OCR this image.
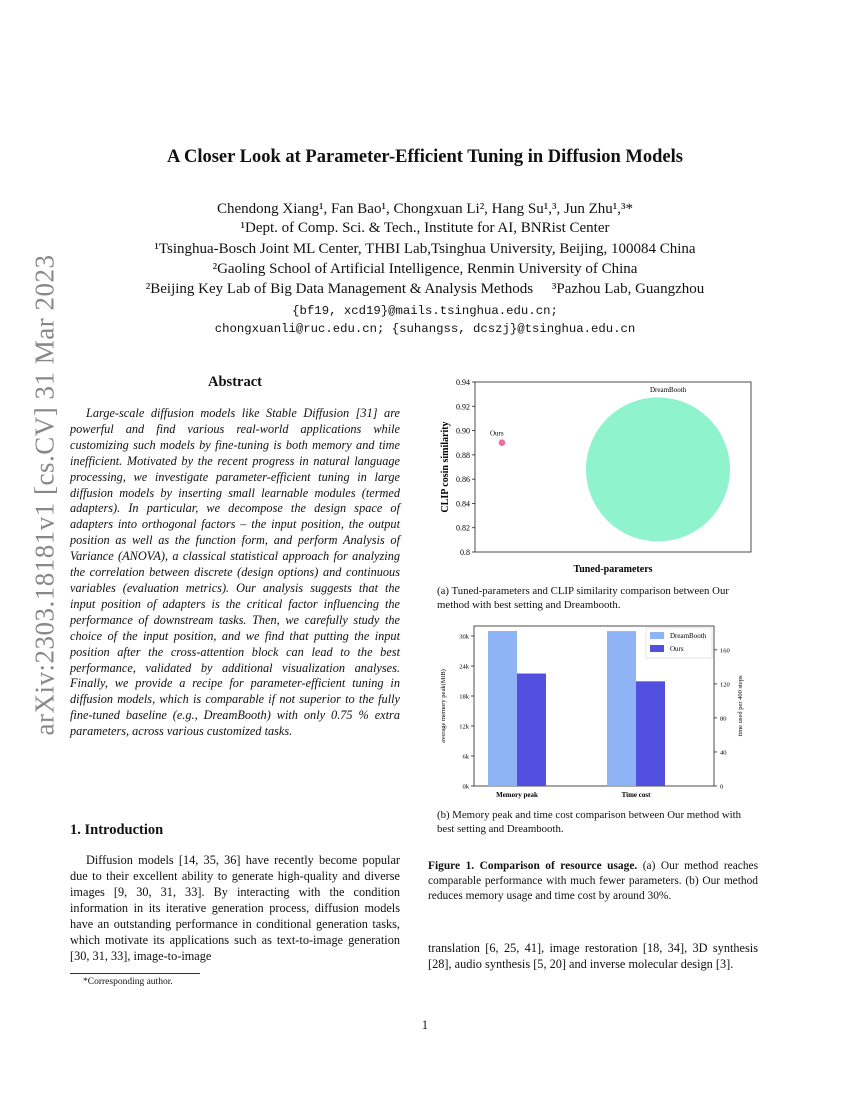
arXiv:2303.18181v1 [cs.CV] 31 Mar 2023
A Closer Look at Parameter-Efficient Tuning in Diffusion Models
Chendong Xiang¹, Fan Bao¹, Chongxuan Li², Hang Su¹,³, Jun Zhu¹,³*
¹Dept. of Comp. Sci. & Tech., Institute for AI, BNRist Center
¹Tsinghua-Bosch Joint ML Center, THBI Lab,Tsinghua University, Beijing, 100084 China
²Gaoling School of Artificial Intelligence, Renmin University of China
²Beijing Key Lab of Big Data Management & Analysis Methods     ³Pazhou Lab, Guangzhou
{bf19, xcd19}@mails.tsinghua.edu.cn;
chongxuanli@ruc.edu.cn; {suhangss, dcszj}@tsinghua.edu.cn
Abstract

Large-scale diffusion models like Stable Diffusion [31] are powerful and find various real-world applications while customizing such models by fine-tuning is both memory and time inefficient. Motivated by the recent progress in natural language processing, we investigate parameter-efficient tuning in large diffusion models by inserting small learnable modules (termed adapters). In particular, we decompose the design space of adapters into orthogonal factors – the input position, the output position as well as the function form, and perform Analysis of Variance (ANOVA), a classical statistical approach for analyzing the correlation between discrete (design options) and continuous variables (evaluation metrics). Our analysis suggests that the input position of adapters is the critical factor influencing the performance of downstream tasks. Then, we carefully study the choice of the input position, and we find that putting the input position after the cross-attention block can lead to the best performance, validated by additional visualization analyses. Finally, we provide a recipe for parameter-efficient tuning in diffusion models, which is comparable if not superior to the fully fine-tuned baseline (e.g., DreamBooth) with only 0.75 % extra parameters, across various customized tasks.

1. Introduction

Diffusion models [14, 35, 36] have recently become popular due to their excellent ability to generate high-quality and diverse images [9, 30, 31, 33]. By interacting with the condition information in its iterative generation process, diffusion models have an outstanding performance in conditional generation tasks, which motivate its applications such as text-to-image generation [30, 31, 33], image-to-image

*Corresponding author.
0.8
0.82
0.84
0.86
0.88
0.90
0.92
0.94
DreamBooth
Ours
CLIP cosin similarity
Tuned-parameters
(a) Tuned-parameters and CLIP similarity comparison between Our method with best setting and Dreambooth.
0k
6k
12k
18k
24k
30k
0
40
80
120
160
Memory peak	Time cost
DreamBooth
Ours
average memory peak(MiB)	time used per 400 steps
(b) Memory peak and time cost comparison between Our method with best setting and Dreambooth.
Figure 1. Comparison of resource usage. (a) Our method reaches comparable performance with much fewer parameters. (b) Our method reduces memory usage and time cost by around 30%.
translation [6, 25, 41], image restoration [18, 34], 3D synthesis [28], audio synthesis [5, 20] and inverse molecular design [3].
1
